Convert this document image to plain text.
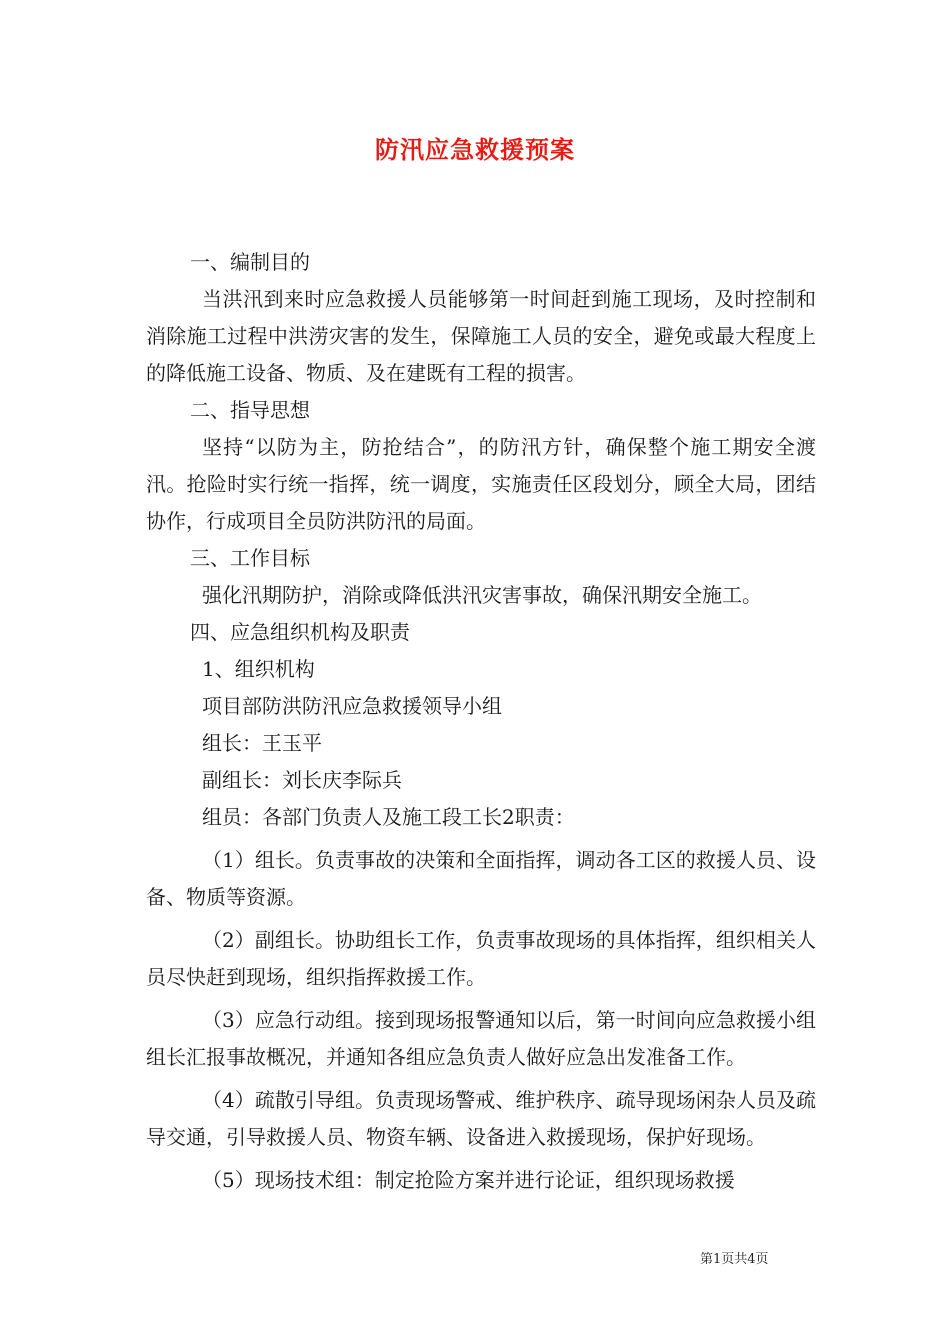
防汛应急救援预案

一、编制目的

当洪汛到来时应急救援人员能够第一时间赶到施工现场，及时控制和消除施工过程中洪涝灾害的发生，保障施工人员的安全，避免或最大程度上的降低施工设备、物质、及在建既有工程的损害。

二、指导思想

坚持“以防为主，防抢结合”，的防汛方针，确保整个施工期安全渡汛。抢险时实行统一指挥，统一调度，实施责任区段划分，顾全大局，团结协作，行成项目全员防洪防汛的局面。

三、工作目标

强化汛期防护，消除或降低洪汛灾害事故，确保汛期安全施工。

四、应急组织机构及职责

1、组织机构

项目部防洪防汛应急救援领导小组

组长：王玉平

副组长：刘长庆李际兵

组员：各部门负责人及施工段工长2职责：

（1）组长。负责事故的决策和全面指挥，调动各工区的救援人员、设备、物质等资源。

（2）副组长。协助组长工作，负责事故现场的具体指挥，组织相关人员尽快赶到现场，组织指挥救援工作。

（3）应急行动组。接到现场报警通知以后，第一时间向应急救援小组组长汇报事故概况，并通知各组应急负责人做好应急出发准备工作。

（4）疏散引导组。负责现场警戒、维护秩序、疏导现场闲杂人员及疏导交通，引导救援人员、物资车辆、设备进入救援现场，保护好现场。

（5）现场技术组：制定抢险方案并进行论证，组织现场救援

第1页共4页
